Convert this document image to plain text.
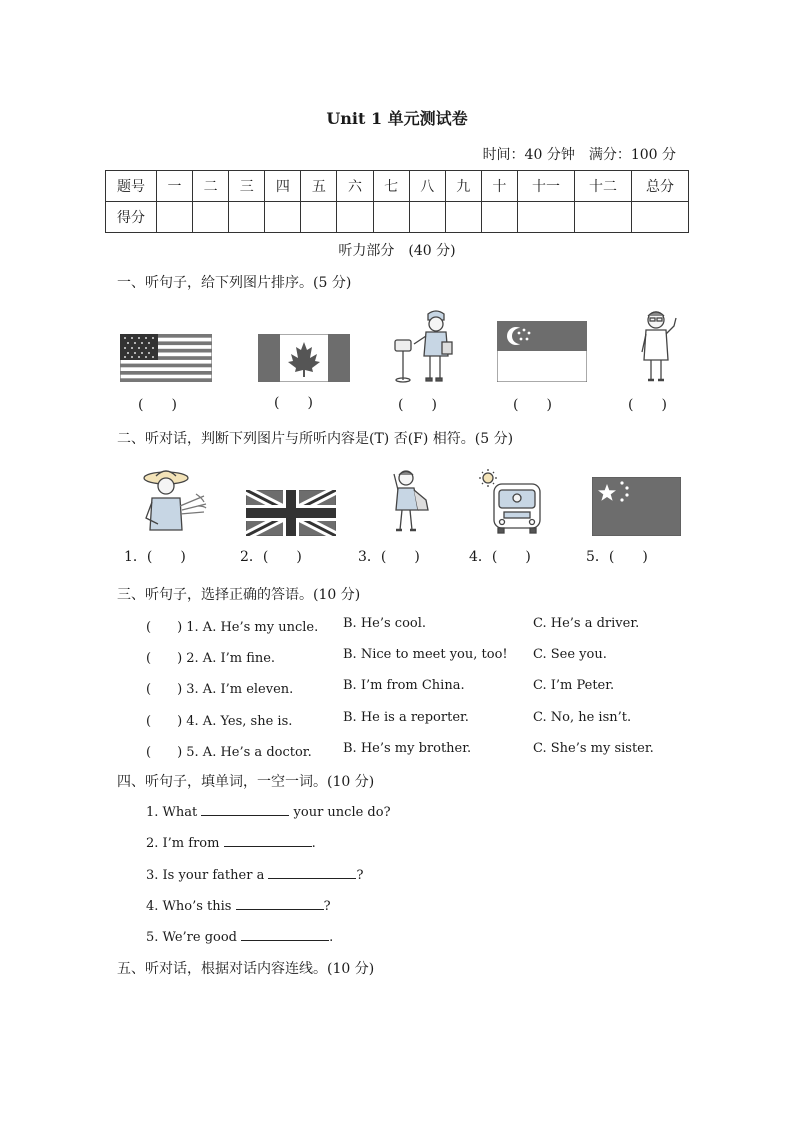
Unit 1 单元测试卷
时间：40 分钟　满分：100 分
题号	一	二	三	四	五	六	七	八	九	十	十一	十二	总分
得分													
听力部分　(40 分)
一、听句子，给下列图片排序。(5 分)
(　　)	(　　)	(　　)	(　　)	(　　)
二、听对话，判断下列图片与所听内容是(T) 否(F) 相符。(5 分)
1．(　　)	2．(　　)	3．(　　)	4．(　　)	5．(　　)
三、听句子，选择正确的答语。(10 分)
(　　) 1. A. He’s my uncle. B. He’s cool.	C. He’s a driver.
(　　) 2. A. I’m fine.	B. Nice to meet you, too! C. See you.
(　　) 3. A. I’m eleven.	B. I’m from China.	C. I’m Peter.
(　　) 4. A. Yes, she is.	B. He is a reporter.	C. No, he isn’t.
(　　) 5. A. He’s a doctor. B. He’s my brother.	C. She’s my sister.
四、听句子，填单词，一空一词。(10 分)
1. What	your uncle do?
2. I’m from	.
3. Is your father a	?
4. Who’s this	?
5. We’re good	.
五、听对话，根据对话内容连线。(10 分)
